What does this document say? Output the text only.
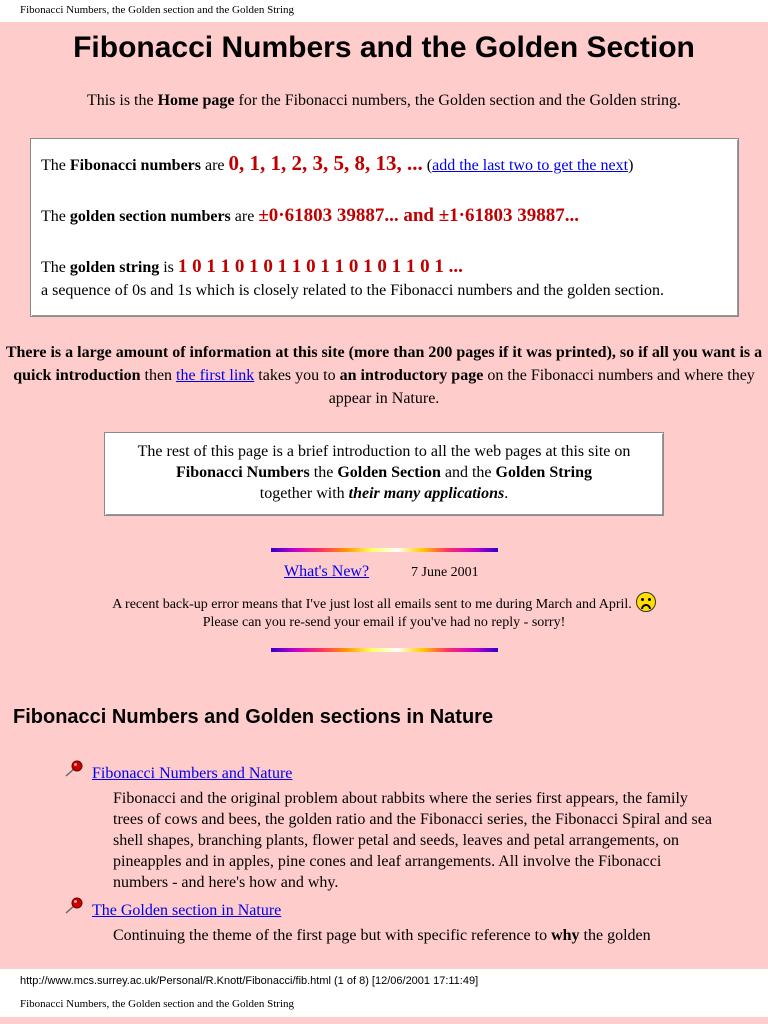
Fibonacci Numbers, the Golden section and the Golden String
Fibonacci Numbers and the Golden Section
This is the Home page for the Fibonacci numbers, the Golden section and the Golden string.
The Fibonacci numbers are 0, 1, 1, 2, 3, 5, 8, 13, ... (add the last two to get the next)
The golden section numbers are ±0·61803 39887... and ±1·61803 39887...
The golden string is 1 0 1 1 0 1 0 1 1 0 1 1 0 1 0 1 1 0 1 ...
a sequence of 0s and 1s which is closely related to the Fibonacci numbers and the golden section.
There is a large amount of information at this site (more than 200 pages if it was printed), so if all you want is a quick introduction then the first link takes you to an introductory page on the Fibonacci numbers and where they appear in Nature.
The rest of this page is a brief introduction to all the web pages at this site on
Fibonacci Numbers the Golden Section and the Golden String
together with their many applications.
What's New?	7 June 2001
A recent back-up error means that I've just lost all emails sent to me during March and April.
Please can you re-send your email if you've had no reply - sorry!
Fibonacci Numbers and Golden sections in Nature
Fibonacci Numbers and Nature
Fibonacci and the original problem about rabbits where the series first appears, the family trees of cows and bees, the golden ratio and the Fibonacci series, the Fibonacci Spiral and sea shell shapes, branching plants, flower petal and seeds, leaves and petal arrangements, on pineapples and in apples, pine cones and leaf arrangements. All involve the Fibonacci numbers - and here's how and why.
The Golden section in Nature
Continuing the theme of the first page but with specific reference to why the golden
http://www.mcs.surrey.ac.uk/Personal/R.Knott/Fibonacci/fib.html (1 of 8) [12/06/2001 17:11:49]
Fibonacci Numbers, the Golden section and the Golden String
